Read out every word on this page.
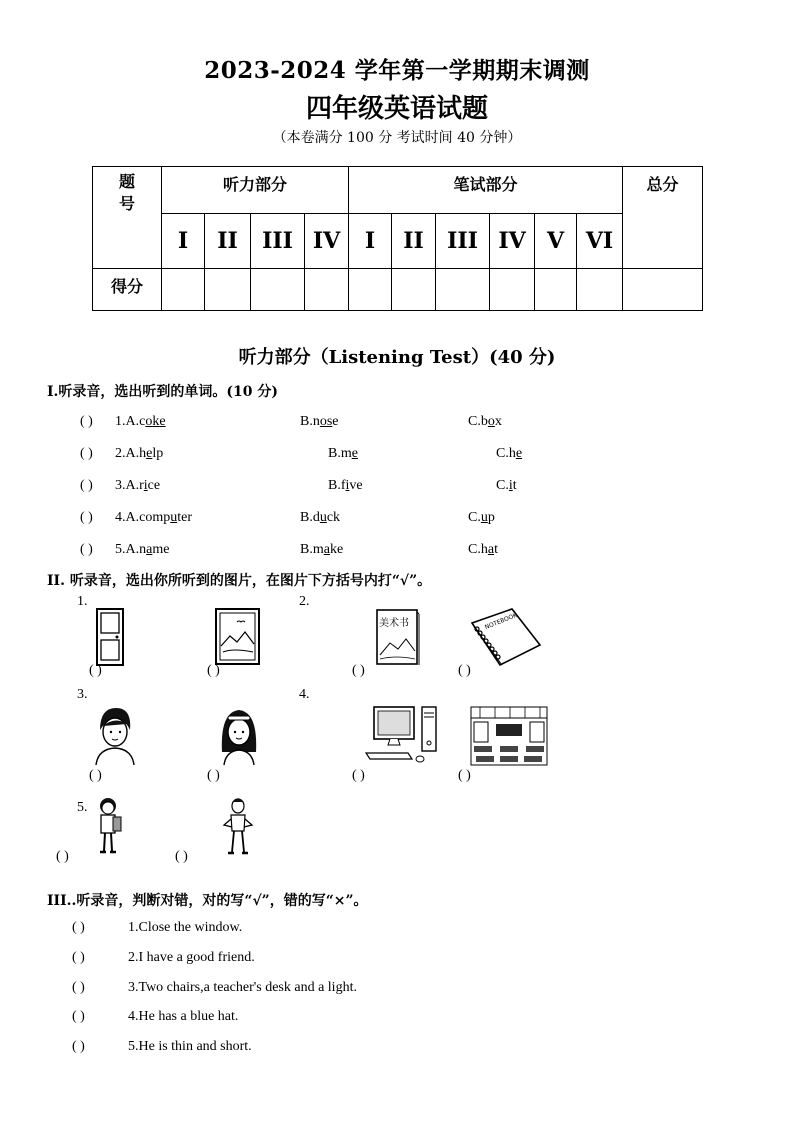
2023-2024 学年第一学期期末调测
四年级英语试题
（本卷满分 100 分 考试时间 40 分钟）
题号	听力部分				笔试部分						总分
	I	II	III	IV	I	II	III	IV	V	VI	
得分											
听力部分（Listening Test）(40 分)
I.听录音，选出听到的单词。(10 分)
( ) 1.A.coke	B.nose	C.box
( ) 2.A.help	B.me	C.he
( ) 3.A.rice	B.five	C.it
( ) 4.A.computer	B.duck	C.up
( ) 5.A.name	B.make	C.hat
II. 听录音，选出你所听到的图片，在图片下方括号内打“√”。
1.	2.
3.	4.
5.
美术书	NOTEBOOK
( )	( )	( )	( )
( )	( )	( )	( )
( )	( )
III..听录音，判断对错，对的写“√”，错的写“×”。
( )	1.Close the window.
( )	2.I have a good friend.
( )	3.Two chairs,a teacher's desk and a light.
( )	4.He has a blue hat.
( )	5.He is thin and short.
